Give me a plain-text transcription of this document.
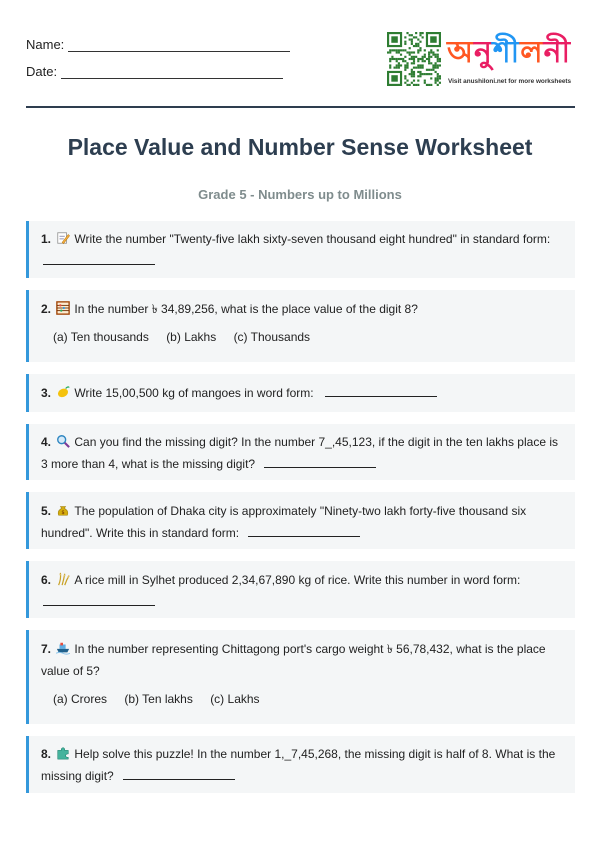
Name:
Date:
অনশলন
Visit anushiloni.net for more worksheets
Place Value and Number Sense Worksheet
Grade 5 - Numbers up to Millions
1. Write the number "Twenty-five lakh sixty-seven thousand eight hundred" in standard form:

2. In the number ৳ 34,89,256, what is the place value of the digit 8?
(a) Ten thousands (b) Lakhs (c) Thousands
3. Write 15,00,500 kg of mangoes in word form:
4. Can you find the missing digit? In the number 7_,45,123, if the digit in the ten lakhs place is 3 more than 4, what is the missing digit?
5. $ The population of Dhaka city is approximately "Ninety-two lakh forty-five thousand six hundred". Write this in standard form:
6. A rice mill in Sylhet produced 2,34,67,890 kg of rice. Write this number in word form:

7. In the number representing Chittagong port's cargo weight ৳ 56,78,432, what is the place value of 5?
(a) Crores (b) Ten lakhs (c) Lakhs
8. Help solve this puzzle! In the number 1,_7,45,268, the missing digit is half of 8. What is the missing digit?
